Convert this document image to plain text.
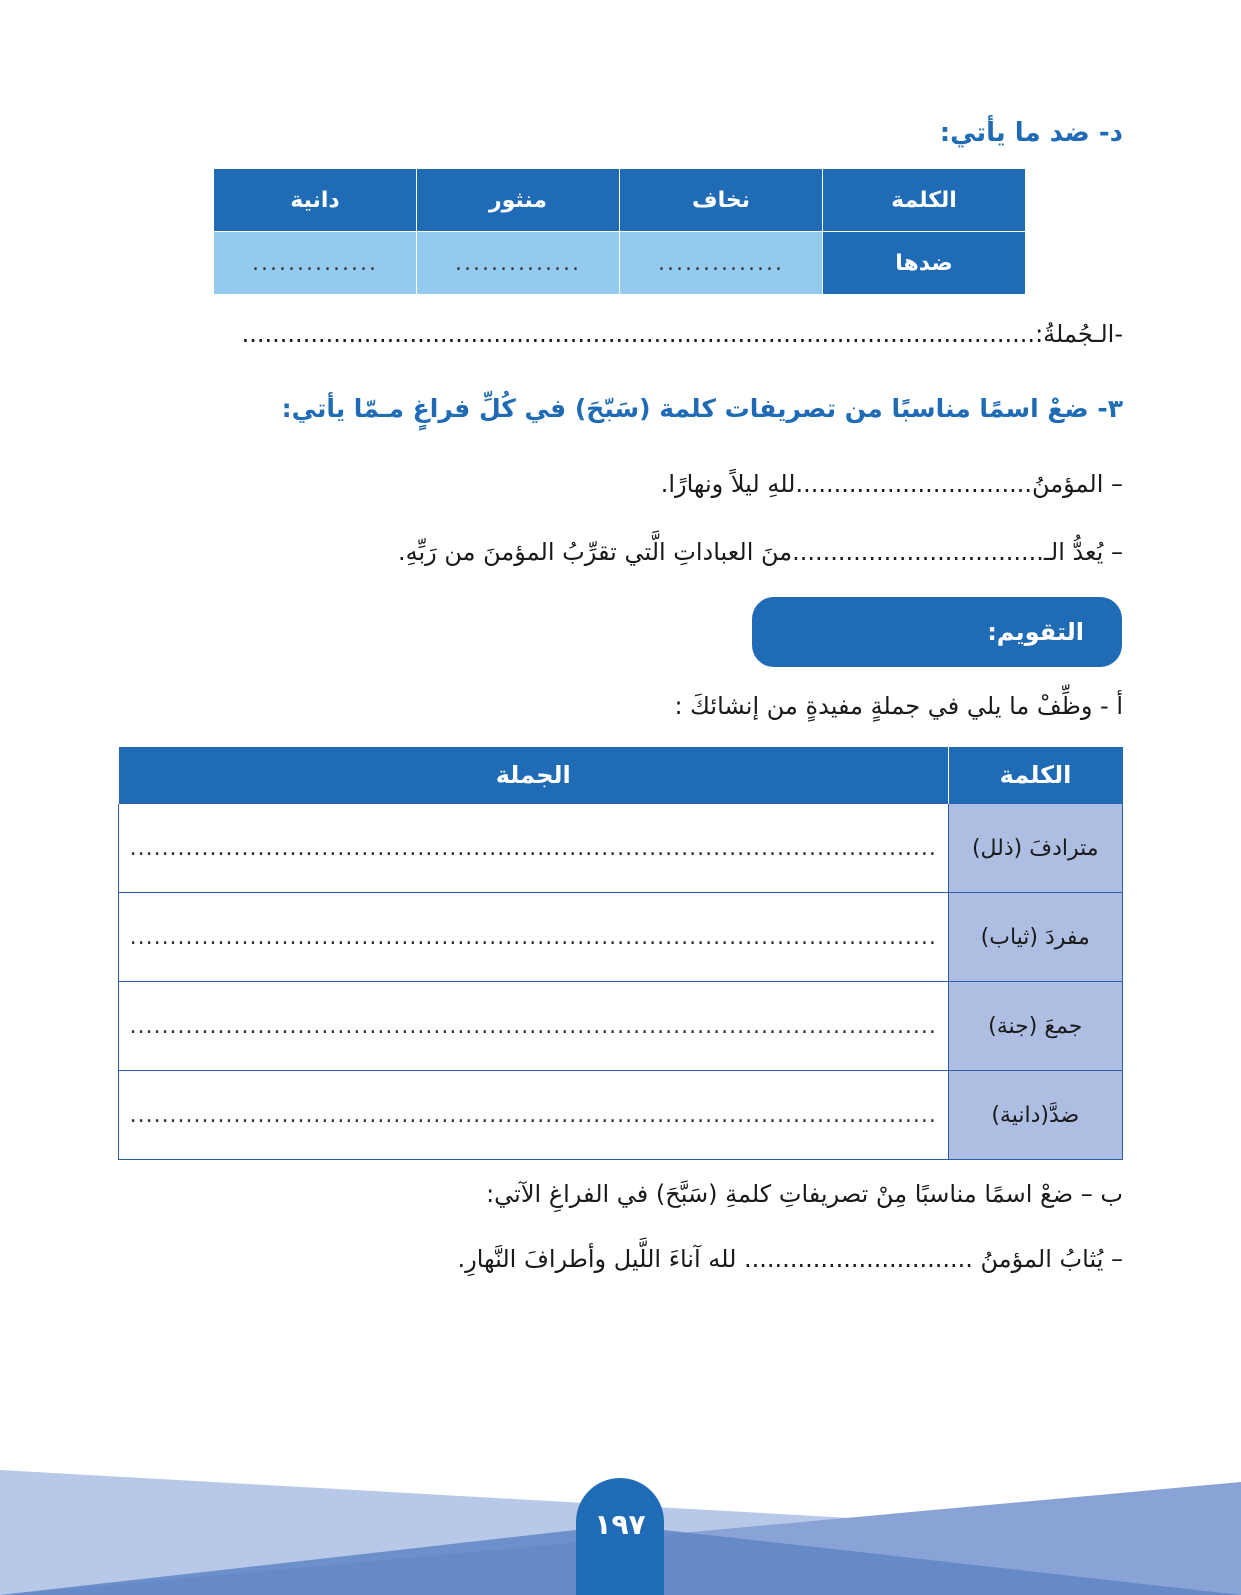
د- ضد ما يأتي:
الكلمة	نخاف	منثور	دانية
ضدها	..............	..............	..............
-الـجُملةُ:........................................................................................................
٣- ضعْ اسمًا مناسبًا من تصريفات كلمة (سَبّحَ) في كُلِّ فراغٍ مـمّا يأتي:
– المؤمنُ...............................للهِ ليلاً ونهارًا.
– يُعدُّ الـ.................................منَ العباداتِ الَّتي تقرِّبُ المؤمنَ من رَبِّهِ.
التقويم:
أ - وظِّفْ ما يلي في جملةٍ مفيدةٍ من إنشائكَ :
الكلمة	الجملة
مترادفَ (ذلل)	.....................................................................................................
مفردَ (ثياب)	.....................................................................................................
جمعَ (جنة)	.....................................................................................................
ضدَّ(دانية)	.....................................................................................................
ب – ضعْ اسمًا مناسبًا مِنْ تصريفاتِ كلمةِ (سَبَّحَ) في الفراغِ الآتي:
– يُثابُ المؤمنُ .............................. لله آناءَ اللَّيل وأطرافَ النَّهارِ.
١٩٧
